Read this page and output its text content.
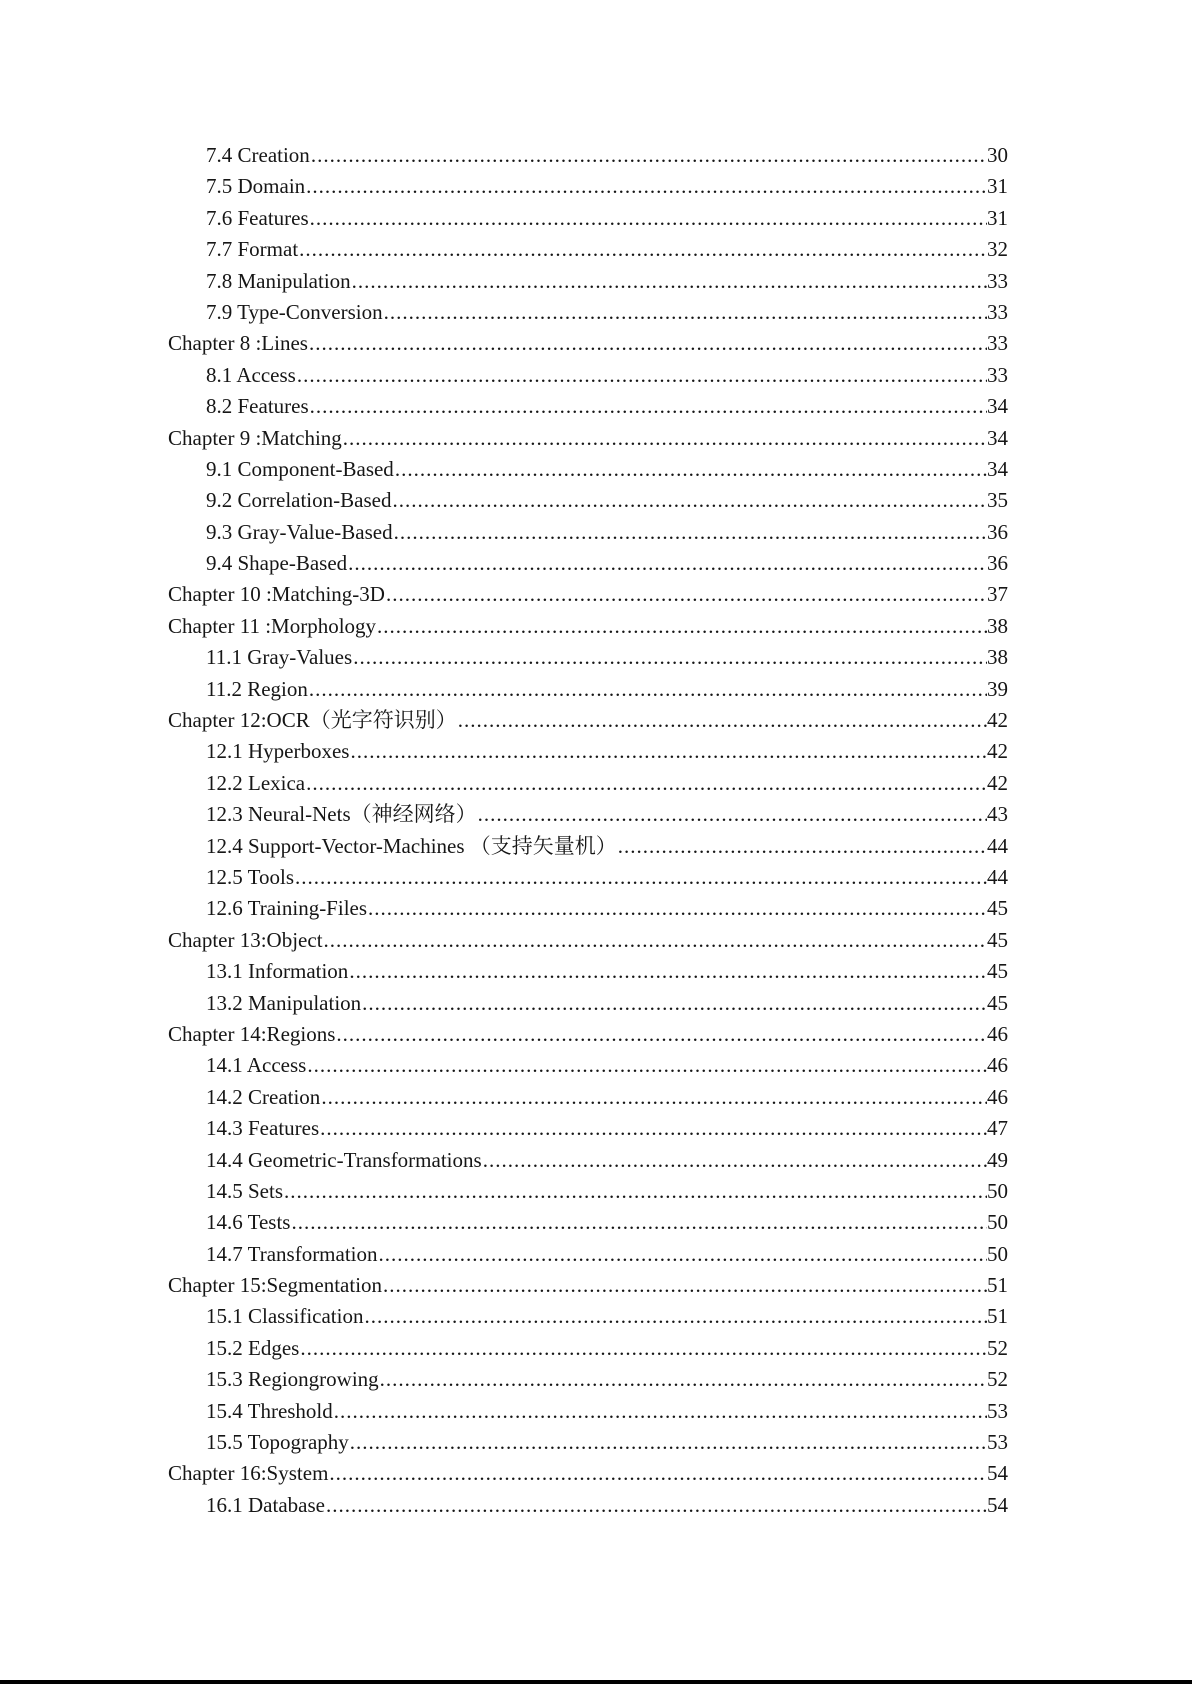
7.4 Creation .....	30
7.5 Domain .....	31
7.6 Features .....	31
7.7 Format .....	32
7.8 Manipulation .....	33
7.9 Type-Conversion .....	33
Chapter 8 :Lines .....	33
8.1 Access .....	33
8.2 Features .....	34
Chapter 9 :Matching .....	34
9.1 Component-Based .....	34
9.2 Correlation-Based .....	35
9.3 Gray-Value-Based .....	36
9.4 Shape-Based .....	36
Chapter 10 :Matching-3D .....	37
Chapter 11 :Morphology .....	38
11.1 Gray-Values .....	38
11.2 Region .....	39
Chapter 12:OCR（光字符识别） .....	42
12.1 Hyperboxes .....	42
12.2 Lexica .....	42
12.3 Neural-Nets（神经网络） .....	43
12.4 Support-Vector-Machines （支持矢量机） .....	44
12.5 Tools .....	44
12.6 Training-Files .....	45
Chapter 13:Object .....	45
13.1 Information .....	45
13.2 Manipulation .....	45
Chapter 14:Regions .....	46
14.1 Access .....	46
14.2 Creation .....	46
14.3 Features .....	47
14.4 Geometric-Transformations .....	49
14.5 Sets .....	50
14.6 Tests .....	50
14.7 Transformation .....	50
Chapter 15:Segmentation .....	51
15.1 Classification .....	51
15.2 Edges .....	52
15.3 Regiongrowing .....	52
15.4 Threshold .....	53
15.5 Topography .....	53
Chapter 16:System .....	54
16.1 Database .....	54
